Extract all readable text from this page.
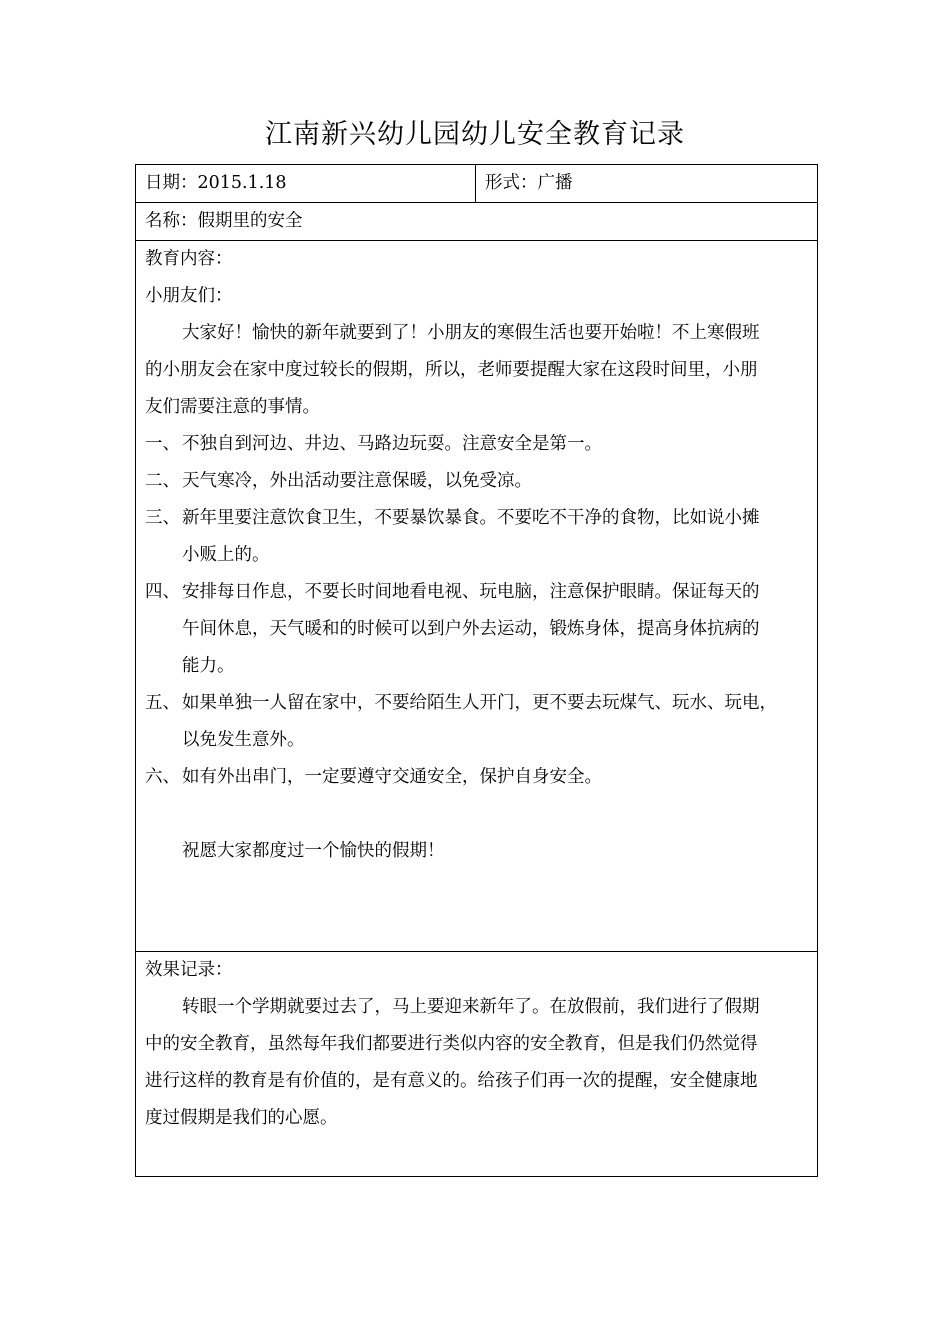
江南新兴幼儿园幼儿安全教育记录
日期：2015.1.18	形式：广播
名称：假期里的安全

教育内容：
小朋友们：
大家好！愉快的新年就要到了！小朋友的寒假生活也要开始啦！不上寒假班
的小朋友会在家中度过较长的假期，所以，老师要提醒大家在这段时间里，小朋
友们需要注意的事情。
一、 不独自到河边、井边、马路边玩耍。注意安全是第一。
二、 天气寒冷，外出活动要注意保暖，以免受凉。
三、 新年里要注意饮食卫生，不要暴饮暴食。不要吃不干净的食物，比如说小摊
小贩上的。
四、 安排每日作息，不要长时间地看电视、玩电脑，注意保护眼睛。保证每天的
午间休息，天气暖和的时候可以到户外去运动，锻炼身体，提高身体抗病的
能力。
五、 如果单独一人留在家中，不要给陌生人开门，更不要去玩煤气、玩水、玩电，
以免发生意外。
六、 如有外出串门，一定要遵守交通安全，保护自身安全。
祝愿大家都度过一个愉快的假期！

效果记录：
转眼一个学期就要过去了，马上要迎来新年了。在放假前，我们进行了假期
中的安全教育，虽然每年我们都要进行类似内容的安全教育，但是我们仍然觉得
进行这样的教育是有价值的，是有意义的。给孩子们再一次的提醒，安全健康地
度过假期是我们的心愿。
